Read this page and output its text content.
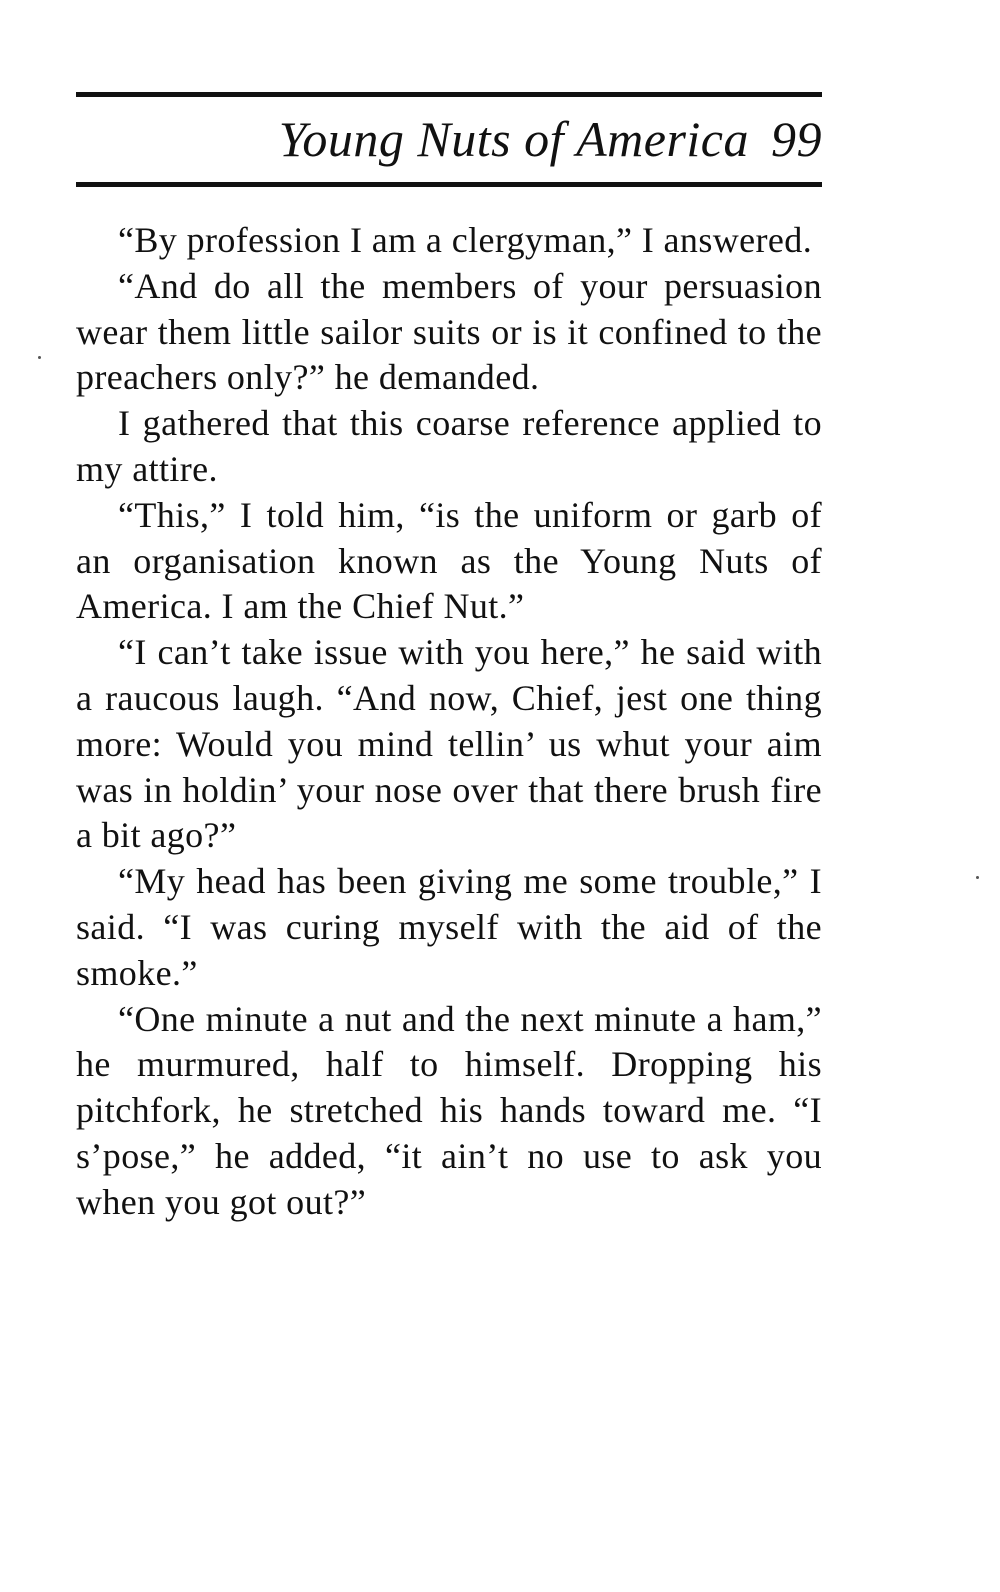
Young Nuts of America 99

“By profession I am a clergyman,” I answered.

“And do all the members of your persuasion wear them little sailor suits or is it confined to the preachers only?” he demanded.

I gathered that this coarse reference applied to my attire.

“This,” I told him, “is the uniform or garb of an organisation known as the Young Nuts of America. I am the Chief Nut.”

“I can’t take issue with you here,” he said with a raucous laugh. “And now, Chief, jest one thing more: Would you mind tellin’ us whut your aim was in holdin’ your nose over that there brush fire a bit ago?”

“My head has been giving me some trouble,” I said. “I was curing myself with the aid of the smoke.”

“One minute a nut and the next minute a ham,” he murmured, half to himself. Dropping his pitchfork, he stretched his hands toward me. “I s’pose,” he added, “it ain’t no use to ask you when you got out?”
